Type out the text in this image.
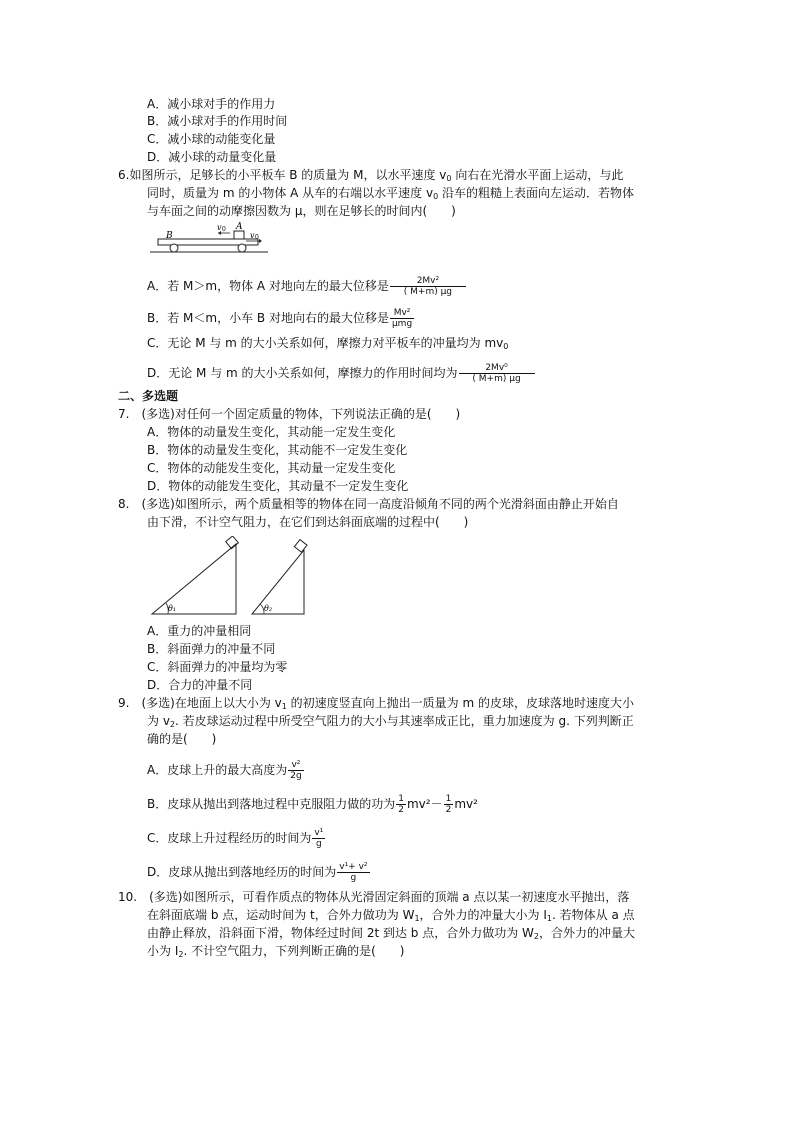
A．减小球对手的作用力
B．减小球对手的作用时间
C．减小球的动能变化量
D．减小球的动量变化量
6.如图所示，足够长的小平板车 B 的质量为 M，以水平速度 $v_0$ 向右在光滑水平面上运动，与此
同时，质量为 m 的小物体 A 从车的右端以水平速度 $v_0$ 沿车的粗糙上表面向左运动．若物体
与车面之间的动摩擦因数为 μ，则在足够长的时间内(　　)
B
A
v 0
v 0
A．若 M＞m，物体 A 对地向左的最大位移是 $\frac{\text{2Mv²}}{( M+m) \mu g}$
B．若 M＜m，小车 B 对地向右的最大位移是 $\frac{\text{Mv²}}{\text{μmg}}$
C．无论 M 与 m 的大小关系如何，摩擦力对平板车的冲量均为 $mv_0$
D．无论 M 与 m 的大小关系如何，摩擦力的作用时间均为 $\frac{\text{2Mv⁰}}{( M+m) \mu g}$
二、多选题
7.　(多选)对任何一个固定质量的物体，下列说法正确的是(　　)
A．物体的动量发生变化，其动能一定发生变化
B．物体的动量发生变化，其动能不一定发生变化
C．物体的动能发生变化，其动量一定发生变化
D．物体的动能发生变化，其动量不一定发生变化
8.　(多选)如图所示，两个质量相等的物体在同一高度沿倾角不同的两个光滑斜面由静止开始自
由下滑，不计空气阻力，在它们到达斜面底端的过程中(　　)
θ₁	θ₂
A．重力的冲量相同
B．斜面弹力的冲量不同
C．斜面弹力的冲量均为零
D．合力的冲量不同
9.　(多选)在地面上以大小为 $v_1$ 的初速度竖直向上抛出一质量为 m 的皮球，皮球落地时速度大小
为 $v_2$. 若皮球运动过程中所受空气阻力的大小与其速率成正比，重力加速度为 g. 下列判断正
确的是(　　)
A．皮球上升的最大高度为 $\frac{\text{v²}}{2g}$
B．皮球从抛出到落地过程中克服阻力做的功为 $\frac{1}{2} mv^2- \frac{1}{2} mv^2$
C．皮球上升过程经历的时间为 $\frac{\text{v¹}}{g}$
D．皮球从抛出到落地经历的时间为 $\frac{\text{v¹+ v²}}{g}$
10.　(多选)如图所示，可看作质点的物体从光滑固定斜面的顶端 a 点以某一初速度水平抛出，落
在斜面底端 b 点，运动时间为 t，合外力做功为 $W_1$，合外力的冲量大小为 $I_1$. 若物体从 a 点
由静止释放，沿斜面下滑，物体经过时间 2t 到达 b 点，合外力做功为 $W_2$，合外力的冲量大
小为 $I_2$. 不计空气阻力，下列判断正确的是(　　)
